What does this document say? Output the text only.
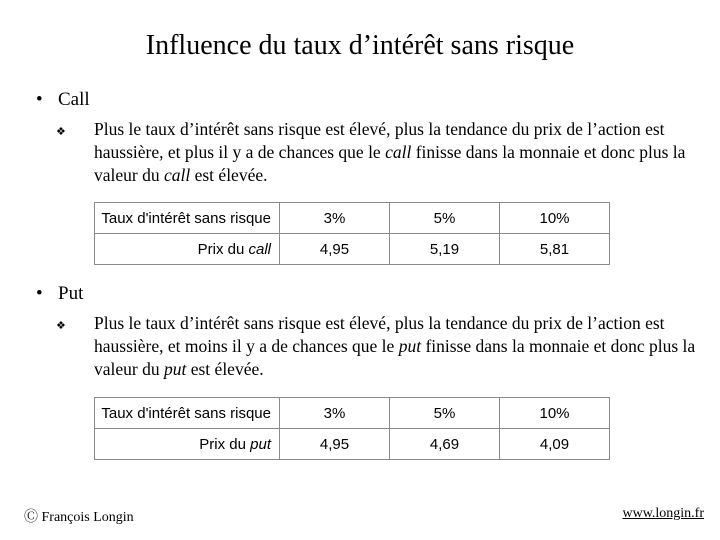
Influence du taux d’intérêt sans risque
• Call
❖ Plus le taux d’intérêt sans risque est élevé, plus la tendance du prix de l’action est haussière, et plus il y a de chances que le call finisse dans la monnaie et donc plus la valeur du call est élevée.
Taux d'intérêt sans risque	3%	5%	10%
Prix du call	4,95	5,19	5,81
• Put
❖ Plus le taux d’intérêt sans risque est élevé, plus la tendance du prix de l’action est haussière, et moins il y a de chances que le put finisse dans la monnaie et donc plus la valeur du put est élevée.
Taux d'intérêt sans risque	3%	5%	10%
Prix du put	4,95	4,69	4,09
Ⓒ François Longin	www.longin.fr
